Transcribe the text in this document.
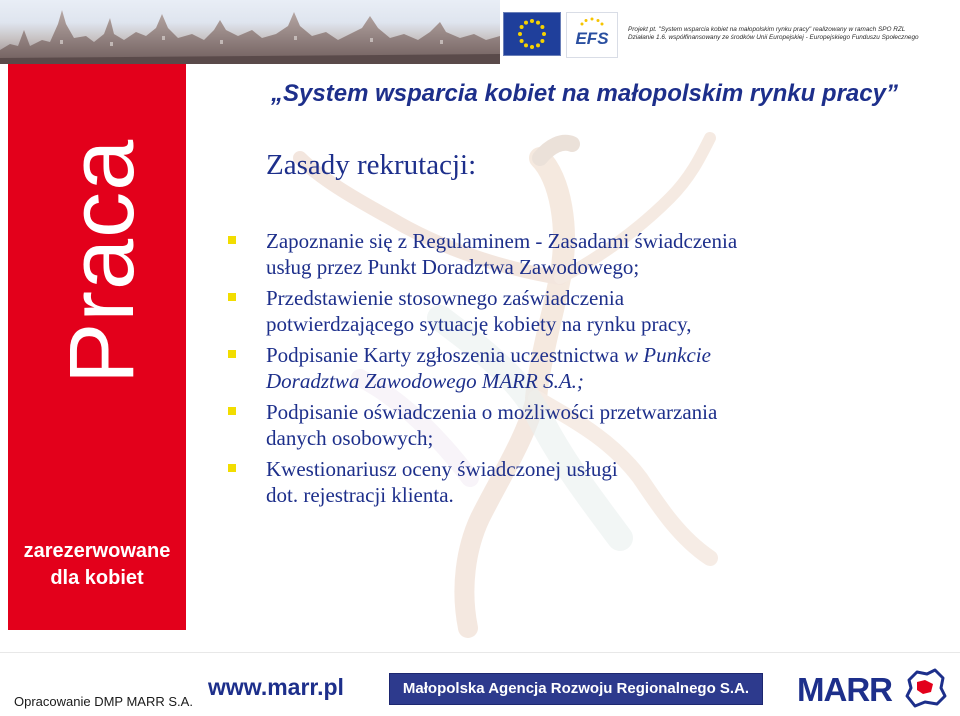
EFS	Projekt pt. "System wsparcia kobiet na małopolskim rynku pracy" realizowany w ramach SPO RZL
Działanie 1.6. współfinansowany ze środków Unii Europejskiej - Europejskiego Funduszu Społecznego
Praca
zarezerwowane
dla kobiet
„System wsparcia kobiet na małopolskim rynku pracy”
Zasady rekrutacji:
Zapoznanie się z Regulaminem - Zasadami świadczenia
usług przez Punkt Doradztwa Zawodowego;
Przedstawienie stosownego zaświadczenia
potwierdzającego sytuację kobiety na rynku pracy,
Podpisanie Karty zgłoszenia uczestnictwa w Punkcie
Doradztwa Zawodowego MARR S.A.;
Podpisanie oświadczenia o możliwości przetwarzania
danych osobowych;
Kwestionariusz oceny świadczonej usługi
dot. rejestracji klienta.
Opracowanie DMP MARR S.A.
www.marr.pl	Małopolska Agencja Rozwoju Regionalnego S.A.	MARR
